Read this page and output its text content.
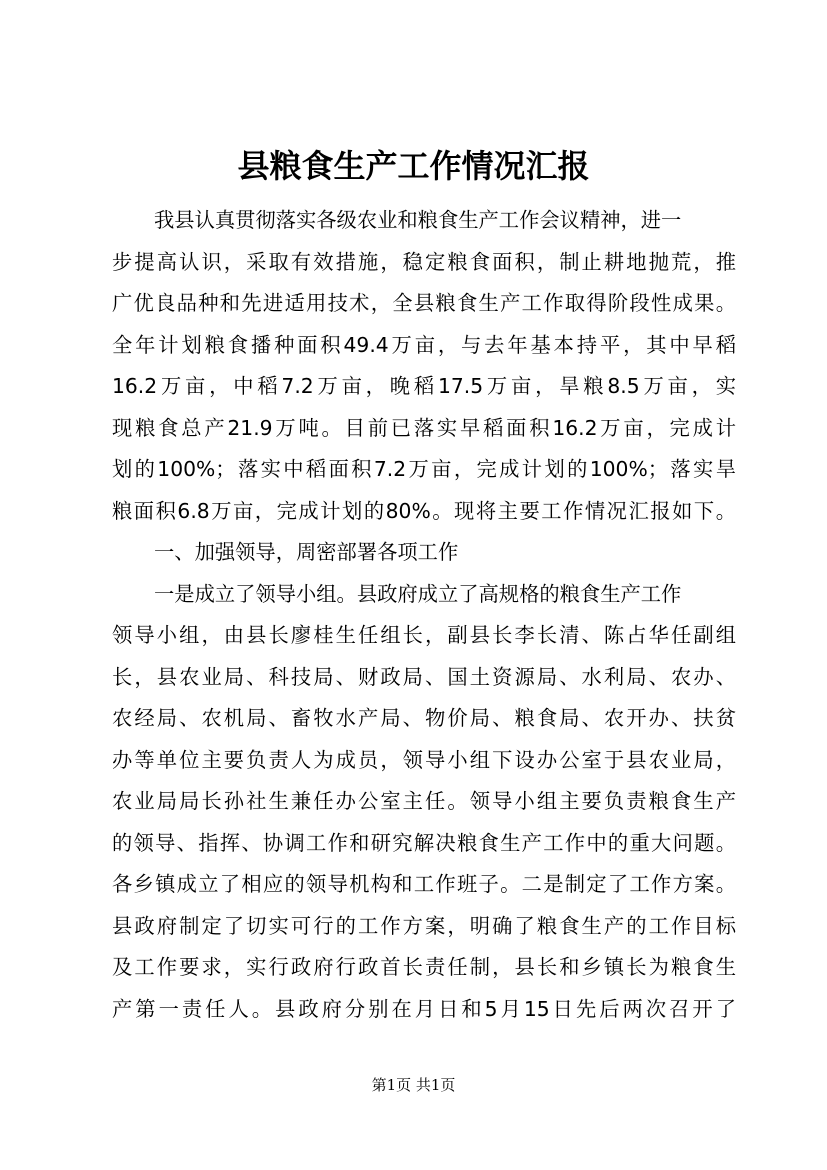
县粮食生产工作情况汇报
我县认真贯彻落实各级农业和粮食生产工作会议精神，进一
步提高认识，采取有效措施，稳定粮食面积，制止耕地抛荒，推
广优良品种和先进适用技术，全县粮食生产工作取得阶段性成果。
全年计划粮食播种面积49.4万亩，与去年基本持平，其中早稻
16.2万亩，中稻7.2万亩，晚稻17.5万亩，旱粮8.5万亩，实
现粮食总产21.9万吨。目前已落实早稻面积16.2万亩，完成计
划的100%；落实中稻面积7.2万亩，完成计划的100%；落实旱
粮面积6.8万亩，完成计划的80%。现将主要工作情况汇报如下。
一、加强领导，周密部署各项工作
一是成立了领导小组。县政府成立了高规格的粮食生产工作
领导小组，由县长廖桂生任组长，副县长李长清、陈占华任副组
长，县农业局、科技局、财政局、国土资源局、水利局、农办、
农经局、农机局、畜牧水产局、物价局、粮食局、农开办、扶贫
办等单位主要负责人为成员，领导小组下设办公室于县农业局，
农业局局长孙社生兼任办公室主任。领导小组主要负责粮食生产
的领导、指挥、协调工作和研究解决粮食生产工作中的重大问题。
各乡镇成立了相应的领导机构和工作班子。二是制定了工作方案。
县政府制定了切实可行的工作方案，明确了粮食生产的工作目标
及工作要求，实行政府行政首长责任制，县长和乡镇长为粮食生
产第一责任人。县政府分别在月日和5月15日先后两次召开了
第1页 共1页
